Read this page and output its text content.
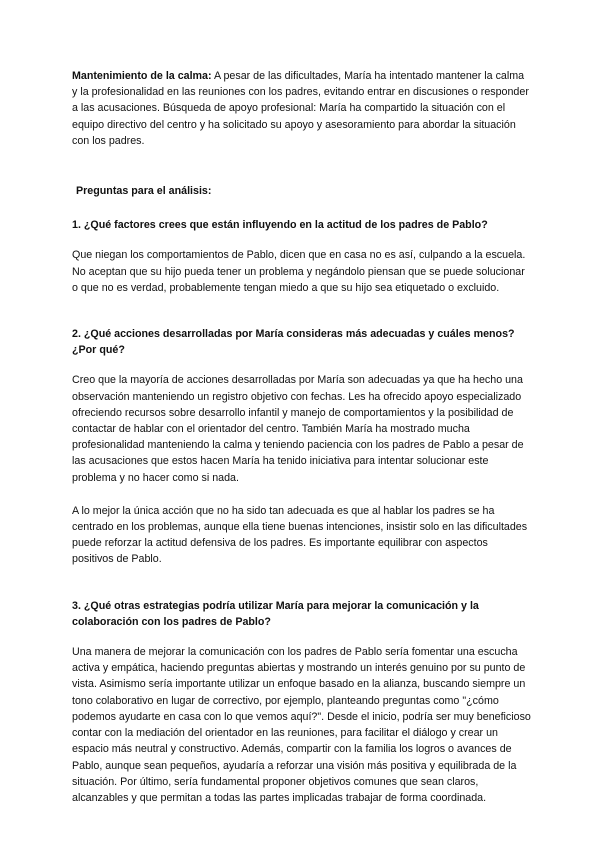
Mantenimiento de la calma: A pesar de las dificultades, María ha intentado mantener la calma y la profesionalidad en las reuniones con los padres, evitando entrar en discusiones o responder a las acusaciones. Búsqueda de apoyo profesional: María ha compartido la situación con el equipo directivo del centro y ha solicitado su apoyo y asesoramiento para abordar la situación con los padres.

Preguntas para el análisis:

1. ¿Qué factores crees que están influyendo en la actitud de los padres de Pablo?

Que niegan los comportamientos de Pablo, dicen que en casa no es así, culpando a la escuela. No aceptan que su hijo pueda tener un problema y negándolo piensan que se puede solucionar o que no es verdad, probablemente tengan miedo a que su hijo sea etiquetado o excluido.

2. ¿Qué acciones desarrolladas por María consideras más adecuadas y cuáles menos? ¿Por qué?

Creo que la mayoría de acciones desarrolladas por María son adecuadas ya que ha hecho una observación manteniendo un registro objetivo con fechas. Les ha ofrecido apoyo especializado ofreciendo recursos sobre desarrollo infantil y manejo de comportamientos y la posibilidad de contactar de hablar con el orientador del centro. También María ha mostrado mucha profesionalidad manteniendo la calma y teniendo paciencia con los padres de Pablo a pesar de las acusaciones que estos hacen María ha tenido iniciativa para intentar solucionar este problema y no hacer como si nada.

A lo mejor la única acción que no ha sido tan adecuada es que al hablar los padres se ha centrado en los problemas, aunque ella tiene buenas intenciones, insistir solo en las dificultades puede reforzar la actitud defensiva de los padres. Es importante equilibrar con aspectos positivos de Pablo.

3. ¿Qué otras estrategias podría utilizar María para mejorar la comunicación y la colaboración con los padres de Pablo?

Una manera de mejorar la comunicación con los padres de Pablo sería fomentar una escucha activa y empática, haciendo preguntas abiertas y mostrando un interés genuino por su punto de vista. Asimismo sería importante utilizar un enfoque basado en la alianza, buscando siempre un tono colaborativo en lugar de correctivo, por ejemplo, planteando preguntas como "¿cómo podemos ayudarte en casa con lo que vemos aquí?". Desde el inicio, podría ser muy beneficioso contar con la mediación del orientador en las reuniones, para facilitar el diálogo y crear un espacio más neutral y constructivo. Además, compartir con la familia los logros o avances de Pablo, aunque sean pequeños, ayudaría a reforzar una visión más positiva y equilibrada de la situación. Por último, sería fundamental proponer objetivos comunes que sean claros, alcanzables y que permitan a todas las partes implicadas trabajar de forma coordinada.
